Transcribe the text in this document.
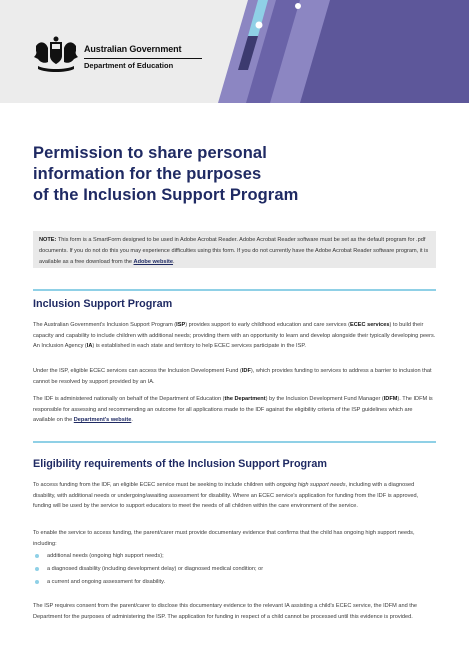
Australian Government
Department of Education
Permission to share personal
information for the purposes
of the Inclusion Support Program
NOTE: This form is a SmartForm designed to be used in Adobe Acrobat Reader. Adobe Acrobat Reader software must be set as the default program for .pdf documents. If you do not do this you may experience difficulties using this form. If you do not currently have the Adobe Acrobat Reader software program, it is available as a free download from the Adobe website.
Inclusion Support Program
The Australian Government's Inclusion Support Program (ISP) provides support to early childhood education and care services (ECEC services) to build their capacity and capability to include children with additional needs; providing them with an opportunity to learn and develop alongside their typically developing peers. An Inclusion Agency (IA) is established in each state and territory to help ECEC services participate in the ISP.
Under the ISP, eligible ECEC services can access the Inclusion Development Fund (IDF), which provides funding to services to address a barrier to inclusion that cannot be resolved by support provided by an IA.
The IDF is administered nationally on behalf of the Department of Education (the Department) by the Inclusion Development Fund Manager (IDFM). The IDFM is responsible for assessing and recommending an outcome for all applications made to the IDF against the eligibility criteria of the ISP guidelines which are available on the Department's website.
Eligibility requirements of the Inclusion Support Program
To access funding from the IDF, an eligible ECEC service must be seeking to include children with ongoing high support needs, including with a diagnosed disability, with additional needs or undergoing/awaiting assessment for disability. Where an ECEC service's application for funding from the IDF is approved, funding will be used by the service to support educators to meet the needs of all children within the care environment of the service.
To enable the service to access funding, the parent/carer must provide documentary evidence that confirms that the child has ongoing high support needs, including:
additional needs (ongoing high support needs);
a diagnosed disability (including development delay) or diagnosed medical condition; or
a current and ongoing assessment for disability.
The ISP requires consent from the parent/carer to disclose this documentary evidence to the relevant IA assisting a child's ECEC service, the IDFM and the Department for the purposes of administering the ISP. The application for funding in respect of a child cannot be processed until this evidence is provided.
